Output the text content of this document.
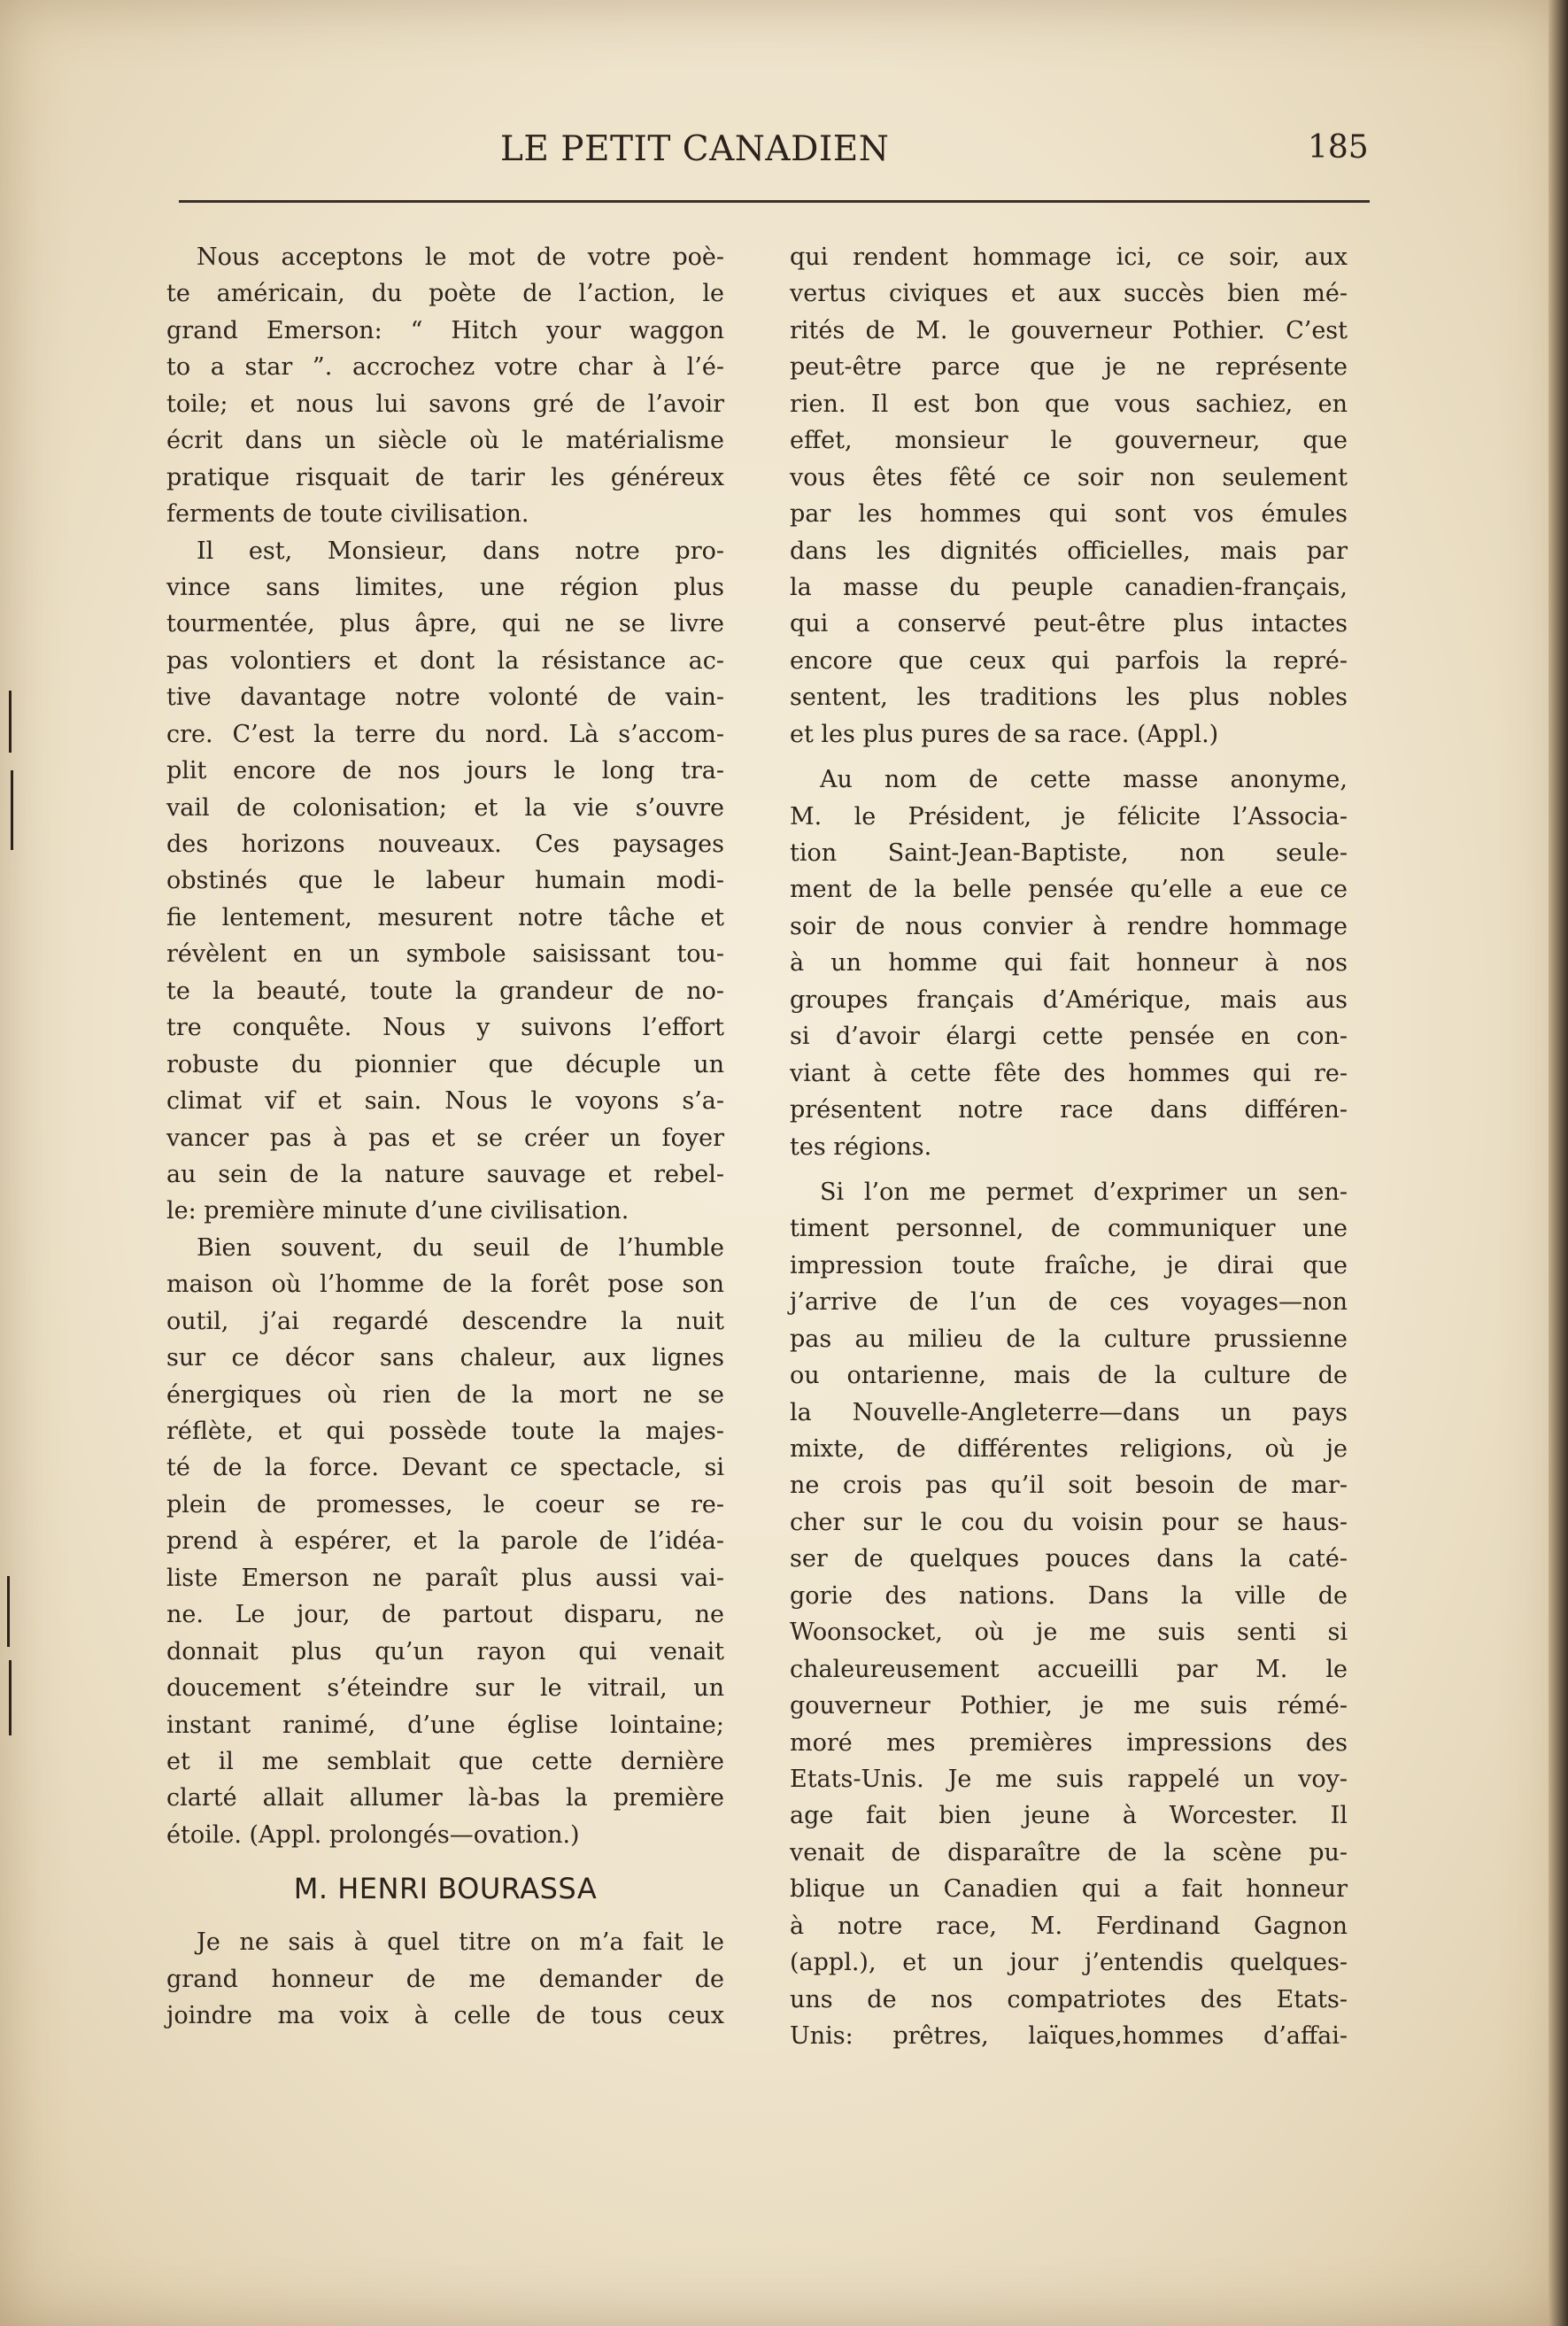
LE PETIT CANADIEN	185
Nous acceptons le mot de votre poè-
te américain, du poète de l’action, le
grand Emerson: “ Hitch your waggon
to a star ”. accrochez votre char à l’é-
toile; et nous lui savons gré de l’avoir
écrit dans un siècle où le matérialisme
pratique risquait de tarir les généreux
ferments de toute civilisation.
Il est, Monsieur, dans notre pro-
vince sans limites, une région plus
tourmentée, plus âpre, qui ne se livre
pas volontiers et dont la résistance ac-
tive davantage notre volonté de vain-
cre. C’est la terre du nord. Là s’accom-
plit encore de nos jours le long tra-
vail de colonisation; et la vie s’ouvre
des horizons nouveaux. Ces paysages
obstinés que le labeur humain modi-
fie lentement, mesurent notre tâche et
révèlent en un symbole saisissant tou-
te la beauté, toute la grandeur de no-
tre conquête. Nous y suivons l’effort
robuste du pionnier que décuple un
climat vif et sain. Nous le voyons s’a-
vancer pas à pas et se créer un foyer
au sein de la nature sauvage et rebel-
le: première minute d’une civilisation.
Bien souvent, du seuil de l’humble
maison où l’homme de la forêt pose son
outil, j’ai regardé descendre la nuit
sur ce décor sans chaleur, aux lignes
énergiques où rien de la mort ne se
réflète, et qui possède toute la majes-
té de la force. Devant ce spectacle, si
plein de promesses, le coeur se re-
prend à espérer, et la parole de l’idéa-
liste Emerson ne paraît plus aussi vai-
ne. Le jour, de partout disparu, ne
donnait plus qu’un rayon qui venait
doucement s’éteindre sur le vitrail, un
instant ranimé, d’une église lointaine;
et il me semblait que cette dernière
clarté allait allumer là-bas la première
étoile. (Appl. prolongés—ovation.)
M. HENRI BOURASSA
Je ne sais à quel titre on m’a fait le
grand honneur de me demander de
joindre ma voix à celle de tous ceux
qui rendent hommage ici, ce soir, aux
vertus civiques et aux succès bien mé-
rités de M. le gouverneur Pothier. C’est
peut-être parce que je ne représente
rien. Il est bon que vous sachiez, en
effet, monsieur le gouverneur, que
vous êtes fêté ce soir non seulement
par les hommes qui sont vos émules
dans les dignités officielles, mais par
la masse du peuple canadien-français,
qui a conservé peut-être plus intactes
encore que ceux qui parfois la repré-
sentent, les traditions les plus nobles
et les plus pures de sa race. (Appl.)
Au nom de cette masse anonyme,
M. le Président, je félicite l’Associa-
tion Saint-Jean-Baptiste, non seule-
ment de la belle pensée qu’elle a eue ce
soir de nous convier à rendre hommage
à un homme qui fait honneur à nos
groupes français d’Amérique, mais aus
si d’avoir élargi cette pensée en con-
viant à cette fête des hommes qui re-
présentent notre race dans différen-
tes régions.
Si l’on me permet d’exprimer un sen-
timent personnel, de communiquer une
impression toute fraîche, je dirai que
j’arrive de l’un de ces voyages—non
pas au milieu de la culture prussienne
ou ontarienne, mais de la culture de
la Nouvelle-Angleterre—dans un pays
mixte, de différentes religions, où je
ne crois pas qu’il soit besoin de mar-
cher sur le cou du voisin pour se haus-
ser de quelques pouces dans la caté-
gorie des nations. Dans la ville de
Woonsocket, où je me suis senti si
chaleureusement accueilli par M. le
gouverneur Pothier, je me suis rémé-
moré mes premières impressions des
Etats-Unis. Je me suis rappelé un voy-
age fait bien jeune à Worcester. Il
venait de disparaître de la scène pu-
blique un Canadien qui a fait honneur
à notre race, M. Ferdinand Gagnon
(appl.), et un jour j’entendis quelques-
uns de nos compatriotes des Etats-
Unis: prêtres, laïques,hommes d’affai-
